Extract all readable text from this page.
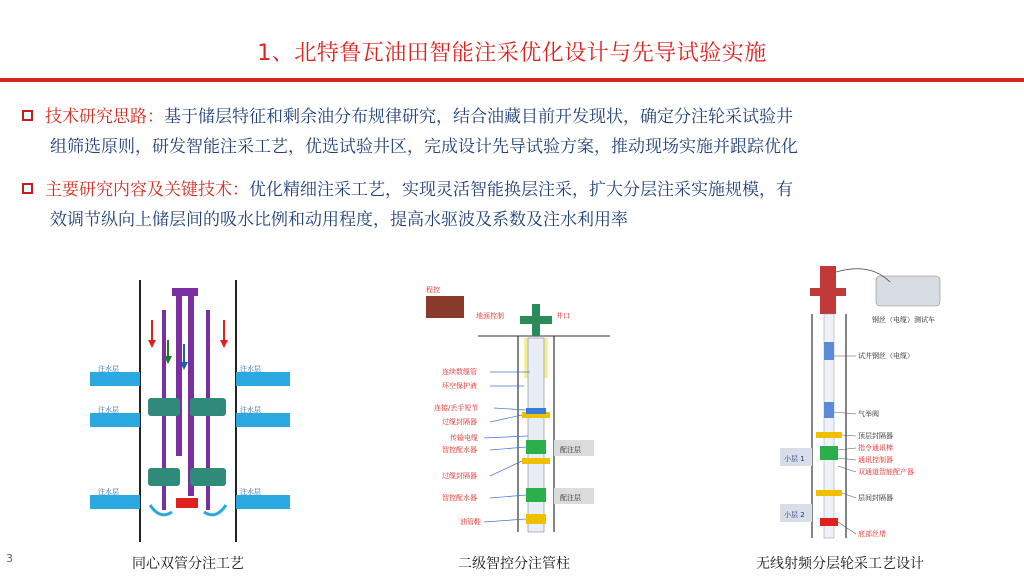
1、北特鲁瓦油田智能注采优化设计与先导试验实施
技术研究思路：基于储层特征和剩余油分布规律研究，结合油藏目前开发现状，确定分注轮采试验井
组筛选原则，研发智能注采工艺，优选试验井区，完成设计先导试验方案，推动现场实施并跟踪优化
主要研究内容及关键技术：优化精细注采工艺，实现灵活智能换层注采，扩大分层注采实施规模，有
效调节纵向上储层间的吸水比例和动用程度，提高水驱波及系数及注水利用率
注水层	注水层
注水层	注水层
注水层	注水层
同心双管分注工艺
程控
地面控制	井口
配注层
配注层
连续数缆管
环空保护液
连接/丢手短节
过缆封隔器
传输电缆
智控配水器
过缆封隔器
智控配水器
油管鞋
二级智控分注管柱
钢丝（电缆）测试车
小层 1
小层 2
试井钢丝（电缆）
气举阀
顶层封隔器
指令通讯棒
通讯控制器
双通道智能配产器
层间封隔器
底部丝堵
无线射频分层轮采工艺设计
3
